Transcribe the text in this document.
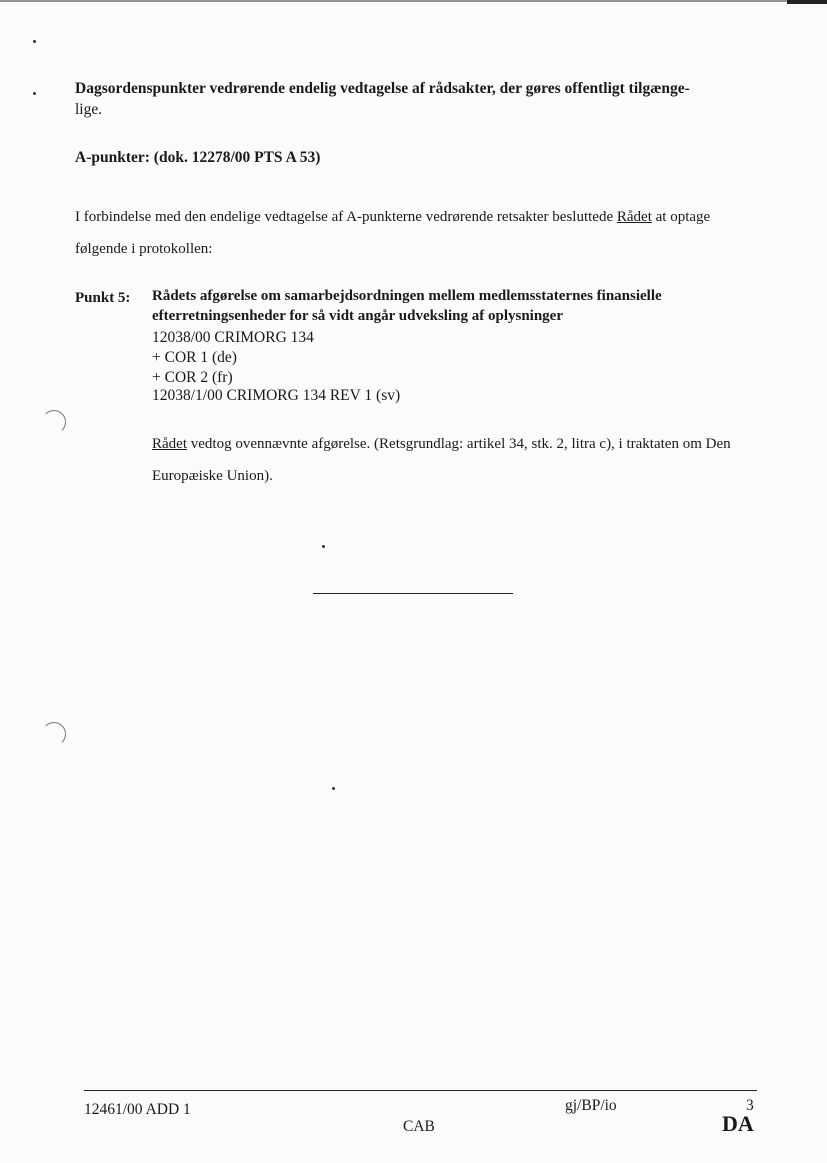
Dagsordenspunkter vedrørende endelig vedtagelse af rådsakter, der gøres offentligt tilgænge-
lige.
A-punkter: (dok. 12278/00 PTS A 53)
I forbindelse med den endelige vedtagelse af A-punkterne vedrørende retsakter besluttede Rådet at optage følgende i protokollen:
Punkt 5: Rådets afgørelse om samarbejdsordningen mellem medlemsstaternes finansielle
efterretningsenheder for så vidt angår udveksling af oplysninger
12038/00 CRIMORG 134
+ COR 1 (de)
+ COR 2 (fr)
12038/1/00 CRIMORG 134 REV 1 (sv)
Rådet vedtog ovennævnte afgørelse. (Retsgrundlag: artikel 34, stk. 2, litra c), i traktaten om Den Europæiske Union).
12461/00 ADD 1	gj/BP/io	3
CAB	DA
